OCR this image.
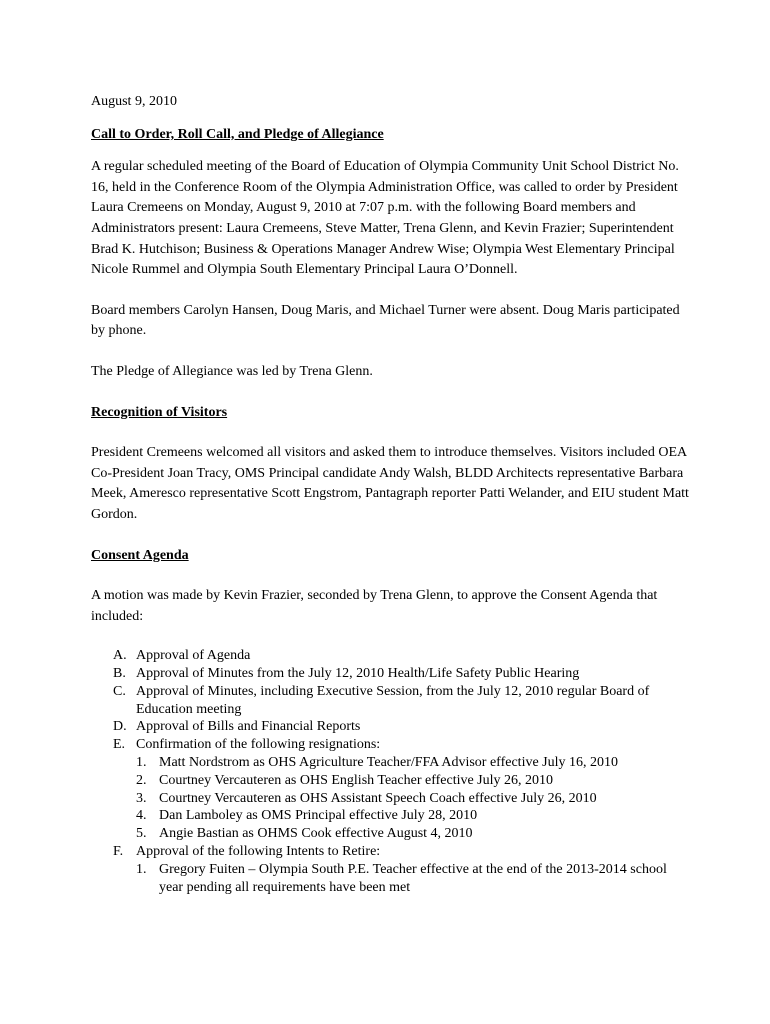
August 9, 2010

Call to Order, Roll Call, and Pledge of Allegiance

A regular scheduled meeting of the Board of Education of Olympia Community Unit School District No. 16, held in the Conference Room of the Olympia Administration Office, was called to order by President Laura Cremeens on Monday, August 9, 2010 at 7:07 p.m. with the following Board members and Administrators present: Laura Cremeens, Steve Matter, Trena Glenn, and Kevin Frazier; Superintendent Brad K. Hutchison; Business & Operations Manager Andrew Wise; Olympia West Elementary Principal Nicole Rummel and Olympia South Elementary Principal Laura O’Donnell.

Board members Carolyn Hansen, Doug Maris, and Michael Turner were absent. Doug Maris participated by phone.

The Pledge of Allegiance was led by Trena Glenn.

Recognition of Visitors

President Cremeens welcomed all visitors and asked them to introduce themselves. Visitors included OEA Co-President Joan Tracy, OMS Principal candidate Andy Walsh, BLDD Architects representative Barbara Meek, Ameresco representative Scott Engstrom, Pantagraph reporter Patti Welander, and EIU student Matt Gordon.

Consent Agenda

A motion was made by Kevin Frazier, seconded by Trena Glenn, to approve the Consent Agenda that included:

A. Approval of Agenda
B. Approval of Minutes from the July 12, 2010 Health/Life Safety Public Hearing
C. Approval of Minutes, including Executive Session, from the July 12, 2010 regular Board of Education meeting
D. Approval of Bills and Financial Reports
E. Confirmation of the following resignations:
1. Matt Nordstrom as OHS Agriculture Teacher/FFA Advisor effective July 16, 2010
2. Courtney Vercauteren as OHS English Teacher effective July 26, 2010
3. Courtney Vercauteren as OHS Assistant Speech Coach effective July 26, 2010
4. Dan Lamboley as OMS Principal effective July 28, 2010
5. Angie Bastian as OHMS Cook effective August 4, 2010
F. Approval of the following Intents to Retire:
1. Gregory Fuiten – Olympia South P.E. Teacher effective at the end of the 2013-2014 school year pending all requirements have been met
